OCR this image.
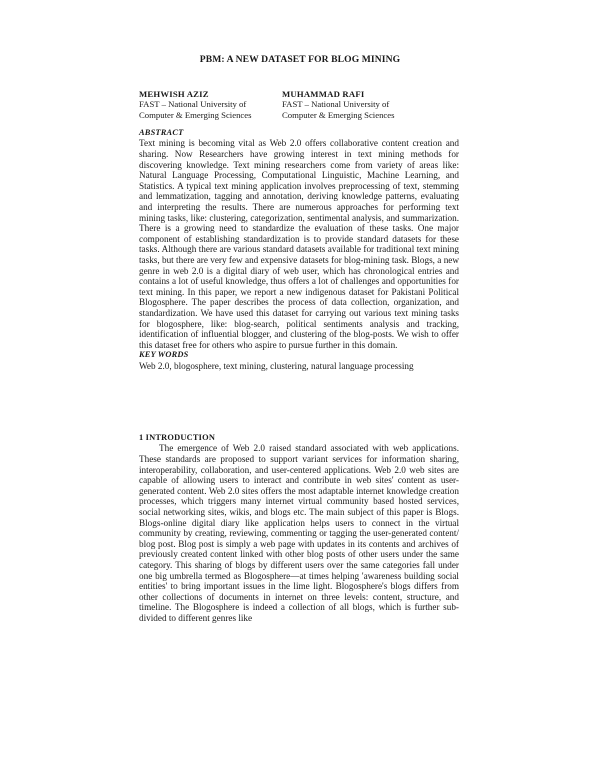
PBM: A NEW DATASET FOR BLOG MINING
MEHWISH AZIZ
FAST – National University of
Computer & Emerging Sciences
MUHAMMAD RAFI
FAST – National University of
Computer & Emerging Sciences
ABSTRACT

Text mining is becoming vital as Web 2.0 offers collaborative content creation and sharing. Now Researchers have growing interest in text mining methods for discovering knowledge. Text mining researchers come from variety of areas like: Natural Language Processing, Computational Linguistic, Machine Learning, and Statistics. A typical text mining application involves preprocessing of text, stemming and lemmatization, tagging and annotation, deriving knowledge patterns, evaluating and interpreting the results. There are numerous approaches for performing text mining tasks, like: clustering, categorization, sentimental analysis, and summarization. There is a growing need to standardize the evaluation of these tasks. One major component of establishing standardization is to provide standard datasets for these tasks. Although there are various standard datasets available for traditional text mining tasks, but there are very few and expensive datasets for blog-mining task. Blogs, a new genre in web 2.0 is a digital diary of web user, which has chronological entries and contains a lot of useful knowledge, thus offers a lot of challenges and opportunities for text mining. In this paper, we report a new indigenous dataset for Pakistani Political Blogosphere. The paper describes the process of data collection, organization, and standardization. We have used this dataset for carrying out various text mining tasks for blogosphere, like: blog-search, political sentiments analysis and tracking, identification of influential blogger, and clustering of the blog-posts. We wish to offer this dataset free for others who aspire to pursue further in this domain.

KEY WORDS
Web 2.0, blogosphere, text mining, clustering, natural language processing
1 INTRODUCTION

The emergence of Web 2.0 raised standard associated with web applications. These standards are proposed to support variant services for information sharing, interoperability, collaboration, and user-centered applications. Web 2.0 web sites are capable of allowing users to interact and contribute in web sites' content as user-generated content. Web 2.0 sites offers the most adaptable internet knowledge creation processes, which triggers many internet virtual community based hosted services, social networking sites, wikis, and blogs etc. The main subject of this paper is Blogs. Blogs-online digital diary like application helps users to connect in the virtual community by creating, reviewing, commenting or tagging the user-generated content/ blog post. Blog post is simply a web page with updates in its contents and archives of previously created content linked with other blog posts of other users under the same category. This sharing of blogs by different users over the same categories fall under one big umbrella termed as Blogosphere—at times helping 'awareness building social entities' to bring important issues in the lime light. Blogosphere's blogs differs from other collections of documents in internet on three levels: content, structure, and timeline. The Blogosphere is indeed a collection of all blogs, which is further sub-divided to different genres like
